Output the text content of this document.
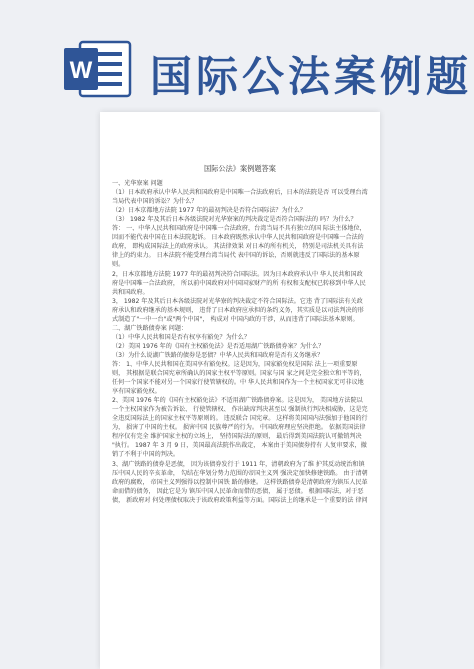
W 国际公法案例题
国际公法》案例题答案

一、光华寮案 问题

（1）日本政府承认中华人民共和国政府是中国唯一合法政府后，日本的法院是否 可以受理台湾当局代表中国的诉讼？为什么？

（2）日本京都地方法院 1977 年的最初判决是否符合国际法？为什么？

（3） 1982 年及其后日本各级法院对光华寮案的判决裁定是否符合国际法的 吗？为什么？

答： 一、中华人民共和国政府是中国唯一合法政府，台湾当局不具有独立的国 际法主体地位， 因而不能代表中国在日本法院起诉。 日本政府既然承认中华人民共和国政府是中国唯一合法的政府， 即构成国际法上的政府承认。 其法律效果 对日本的所有机关， 特别是司法机关具有法律上的约束力。 日本法院不能受理台湾当局代 表中国的诉讼，否则就违反了国际法的基本原则。

2，日本京都地方法院 1977 年的最初判决符合国际法。因为日本政府承认中 华人民共和国政府是中国唯一合法政府， 所以前中国政府对中国国家财产的所 有权和支配权已转移到中华人民共和国政府。

3， 1982 年及其后日本各级法院对光华寮的判决裁定不符合国际法。它违 背了国际法有关政府承认和政府继承的基本规则， 违背了日本政府应承担的条约义务，其实质是以司法判决的形式制造了"一中一台"或"两个中国"， 构成对 中国内政的干涉，从而违背了国际法基本原则。

二、湖广铁路债券案 问题：

（1）中华人民共和国是否有权享有豁免？为什么？

（2）美国 1976 年的《国有主权豁免法》是否适用湖广铁路债券案？为什么？

（3）为什么说湖广铁路的债券是恶债？中华人民共和国政府是否有义务继承？

答： 1、中华人民共和国在美国享有豁免权。这是因为，国家豁免权是国际 法上一项重要原则， 其根据是联合国宪章所确认的国家主权平等原则。国家与国 家之间是完全独立和平等的， 任何一个国家不能对另一个国家行使管辖权的。中 华人民共和国作为一个主权国家无可非议地享有国家豁免权。

2、美国 1976 年的《国有主权豁免法》不适用湖广铁路债券案。这是因为， 美国地方法院以一个主权国家作为被告诉讼、 行使管辖权、 作出缺席判决甚至以 强制执行判决相威胁，这是完全违反国际法上的国家主权平等原则的。 违反联合 国宪章。 这样将美国国内法强加于他国的行为， 损害了中国的主权。 损害中国 民族尊严的行为。 中国政府理应坚决拒绝。 依据美国法律程序仅有完全 维护国家主权的立场上， 坚持国际法的原则， 最后得到美国法院认可撤销判决 "执行。 1987 年 3 月 9 日，美国最高法院作出裁定， 本案由于美国债券持有 人复审要求，撤销了不利于中国的判决。

3、湖广铁路的债券是恶债， 因为该债券发行于 1911 年，清朝政府为了维 护其反动统治和镇压中国人民的辛亥革命， 勾结在华划分势力范围的帝国主义列 强决定加快修建铁路。 由于清朝政府的腐败， 帝国主义列强得以控制中国铁 路的修建。 这样铁路债券是清朝政府为镇压人民革命而借的债务， 因此它是为 镇压中国人民革命而借的恶债， 属于恶债。 根据国际法，对于恶债， 新政府对 何处理债权取决于该政府政策利益等方面。国际法上的继承是一个重要的法 律问
